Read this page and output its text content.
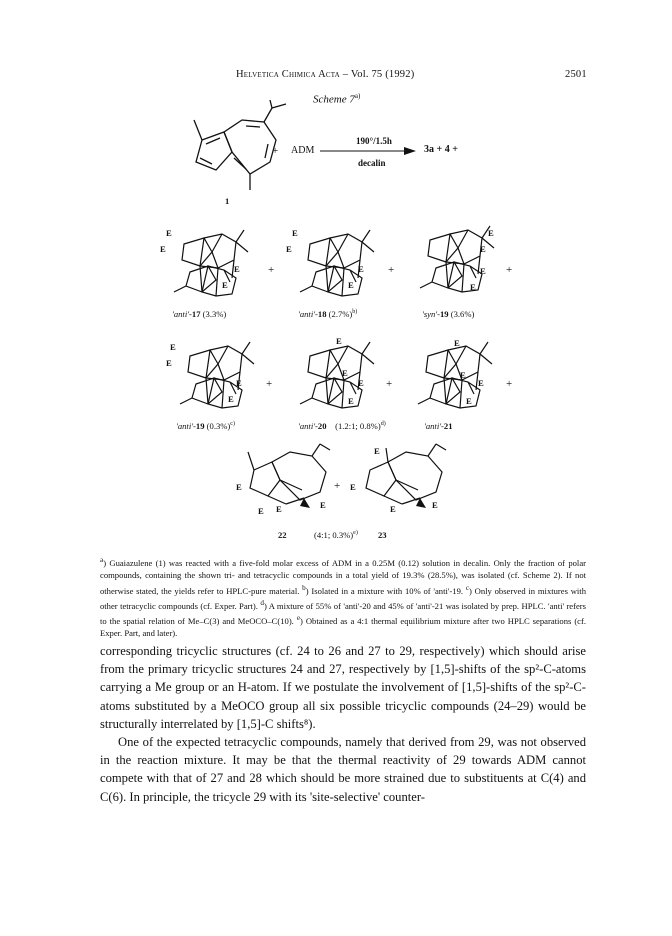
Helvetica Chimica Acta – Vol. 75 (1992)	2501
Scheme 7$^{a)}$
1
+ ADM
190°/1.5h
decalin
3a + 4 +
E
E
E
E
+
E
E
E
E
+
E
E
E
E
+
'anti'-17 (3.3%)	'anti'-18 $(2.7\%)^{b)}$	'syn'-19 (3.6%)
E
E
E
E
+
E
E
E
E
+
E
E
E
E
+
'anti'-19 $(0.3\%)^{c)}$	'anti'-20 (1.2:1; 0.8%)$^{d)}$	'anti'-21
E
E E	E
+
E
E
E	E
22	(4:1; 0.3%)$^{e)}$ 23
$^a$) Guaiazulene (1) was reacted with a five-fold molar excess of ADM in a 0.25M (0.12) solution in decalin. Only the fraction of polar compounds, containing the shown tri- and tetracyclic compounds in a total yield of 19.3% (28.5%), was isolated (cf. Scheme 2). If not otherwise stated, the yields refer to HPLC-pure material. $^b$) Isolated in a mixture with 10% of 'anti'-19. $^c$) Only observed in mixtures with other tetracyclic compounds (cf. Exper. Part). $^d$) A mixture of 55% of 'anti'-20 and 45% of 'anti'-21 was isolated by prep. HPLC. 'anti' refers to the spatial relation of Me–C(3) and MeOCO–C(10). $^e$) Obtained as a 4:1 thermal equilibrium mixture after two HPLC separations (cf. Exper. Part, and later).

corresponding tricyclic structures (cf. 24 to 26 and 27 to 29, respectively) which should arise from the primary tricyclic structures 24 and 27, respectively by [1,5]-shifts of the sp²-C-atoms carrying a Me group or an H-atom. If we postulate the involvement of [1,5]-shifts of the sp²-C-atoms substituted by a MeOCO group all six possible tricyclic compounds (24–29) would be structurally interrelated by [1,5]-C shifts⁸).

One of the expected tetracyclic compounds, namely that derived from 29, was not observed in the reaction mixture. It may be that the thermal reactivity of 29 towards ADM cannot compete with that of 27 and 28 which should be more strained due to substituents at C(4) and C(6). In principle, the tricycle 29 with its 'site-selective' counter-
